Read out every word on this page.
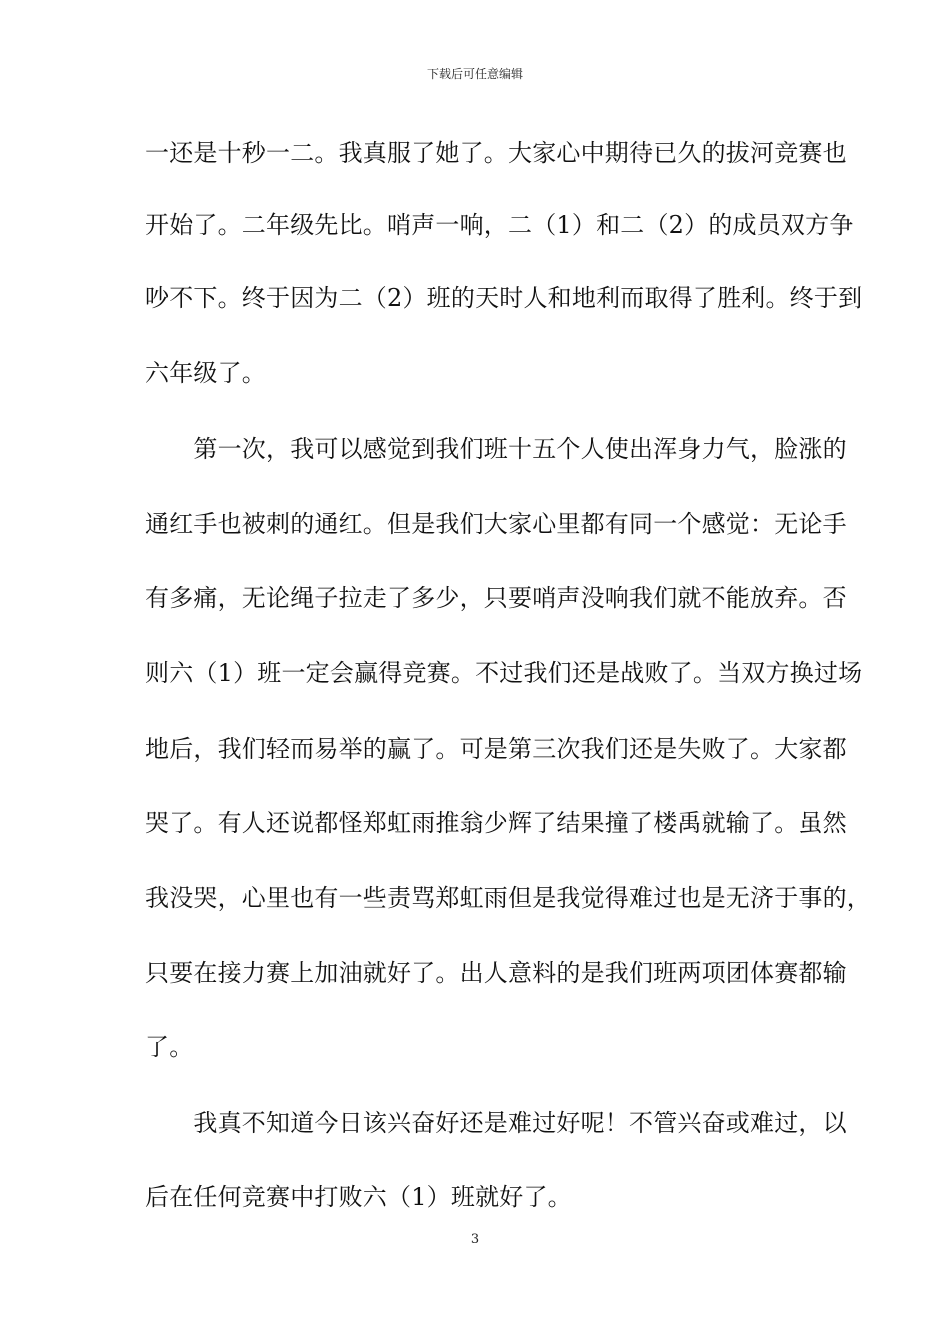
下载后可任意编辑
一还是十秒一二。我真服了她了。大家心中期待已久的拔河竞赛也
开始了。二年级先比。哨声一响，二（1）和二（2）的成员双方争
吵不下。终于因为二（2）班的天时人和地利而取得了胜利。终于到
六年级了。
　　第一次，我可以感觉到我们班十五个人使出浑身力气，脸涨的
通红手也被刺的通红。但是我们大家心里都有同一个感觉：无论手
有多痛，无论绳子拉走了多少，只要哨声没响我们就不能放弃。否
则六（1）班一定会赢得竞赛。不过我们还是战败了。当双方换过场
地后，我们轻而易举的赢了。可是第三次我们还是失败了。大家都
哭了。有人还说都怪郑虹雨推翁少辉了结果撞了楼禹就输了。虽然
我没哭，心里也有一些责骂郑虹雨但是我觉得难过也是无济于事的，
只要在接力赛上加油就好了。出人意料的是我们班两项团体赛都输
了。
　　我真不知道今日该兴奋好还是难过好呢！不管兴奋或难过，以
后在任何竞赛中打败六（1）班就好了。
3
